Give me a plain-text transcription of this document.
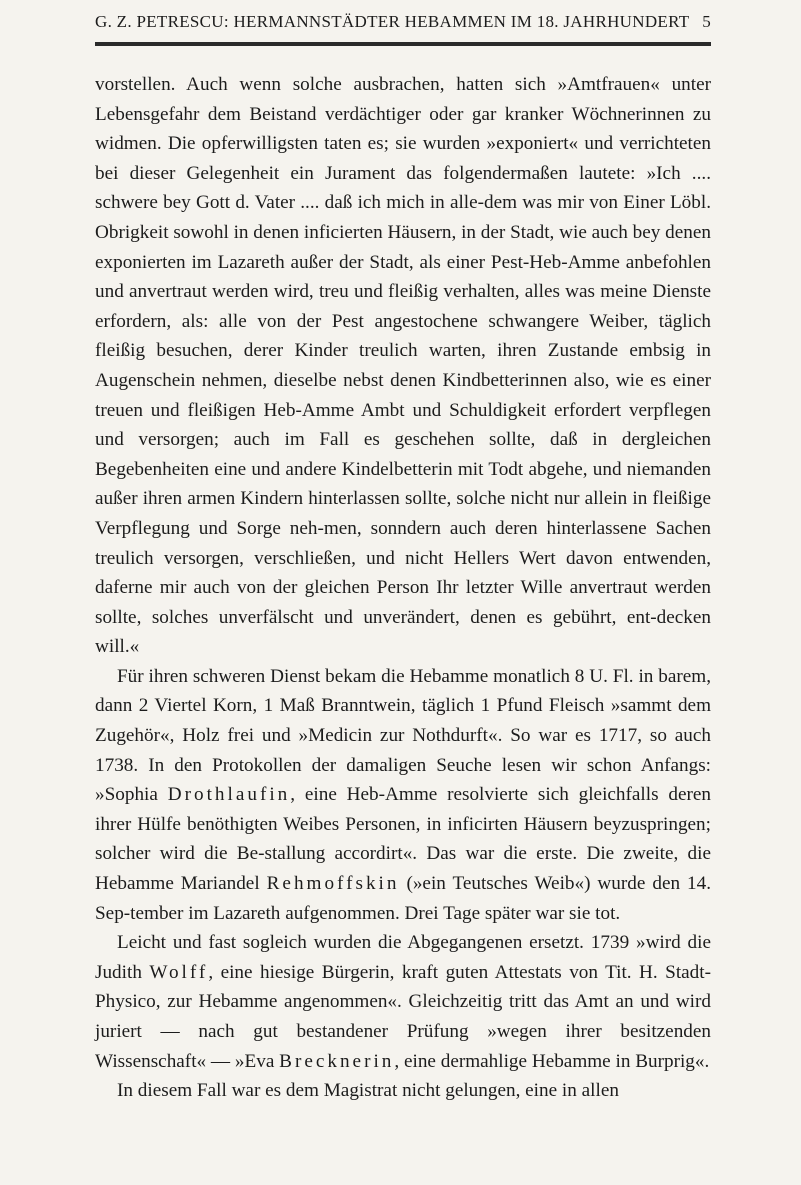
G. Z. PETRESCU: HERMANNSTÄDTER HEBAMMEN IM 18. JAHRHUNDERT 5

vorstellen. Auch wenn solche ausbrachen, hatten sich »Amtfrauen« unter Lebensgefahr dem Beistand verdächtiger oder gar kranker Wöchnerinnen zu widmen. Die opferwilligsten taten es; sie wurden »exponiert« und verrichteten bei dieser Gelegenheit ein Jurament das folgendermaßen lautete: »Ich .... schwere bey Gott d. Vater .... daß ich mich in alle-dem was mir von Einer Löbl. Obrigkeit sowohl in denen inficierten Häusern, in der Stadt, wie auch bey denen exponierten im Lazareth außer der Stadt, als einer Pest-Heb-Amme anbefohlen und anvertraut werden wird, treu und fleißig verhalten, alles was meine Dienste erfordern, als: alle von der Pest angestochene schwangere Weiber, täglich fleißig besuchen, derer Kinder treulich warten, ihren Zustande embsig in Augenschein nehmen, dieselbe nebst denen Kindbetterinnen also, wie es einer treuen und fleißigen Heb-Amme Ambt und Schuldigkeit erfordert verpflegen und versorgen; auch im Fall es geschehen sollte, daß in dergleichen Begebenheiten eine und andere Kindelbetterin mit Todt abgehe, und niemanden außer ihren armen Kindern hinterlassen sollte, solche nicht nur allein in fleißige Verpflegung und Sorge neh-men, sonndern auch deren hinterlassene Sachen treulich versorgen, verschließen, und nicht Hellers Wert davon entwenden, daferne mir auch von der gleichen Person Ihr letzter Wille anvertraut werden sollte, solches unverfälscht und unverändert, denen es gebührt, ent-decken will.«

Für ihren schweren Dienst bekam die Hebamme monatlich 8 U. Fl. in barem, dann 2 Viertel Korn, 1 Maß Branntwein, täglich 1 Pfund Fleisch »sammt dem Zugehör«, Holz frei und »Medicin zur Nothdurft«. So war es 1717, so auch 1738. In den Protokollen der damaligen Seuche lesen wir schon Anfangs: »Sophia Drothlaufin, eine Heb-Amme resolvierte sich gleichfalls deren ihrer Hülfe benöthigten Weibes Personen, in inficirten Häusern beyzuspringen; solcher wird die Be-stallung accordirt«. Das war die erste. Die zweite, die Hebamme Mariandel Rehmoffskin (»ein Teutsches Weib«) wurde den 14. Sep-tember im Lazareth aufgenommen. Drei Tage später war sie tot.

Leicht und fast sogleich wurden die Abgegangenen ersetzt. 1739 »wird die Judith Wolff, eine hiesige Bürgerin, kraft guten Attestats von Tit. H. Stadt-Physico, zur Hebamme angenommen«. Gleichzeitig tritt das Amt an und wird juriert — nach gut bestandener Prüfung »wegen ihrer besitzenden Wissenschaft« — »Eva Brecknerin, eine dermahlige Hebamme in Burprig«.

In diesem Fall war es dem Magistrat nicht gelungen, eine in allen
